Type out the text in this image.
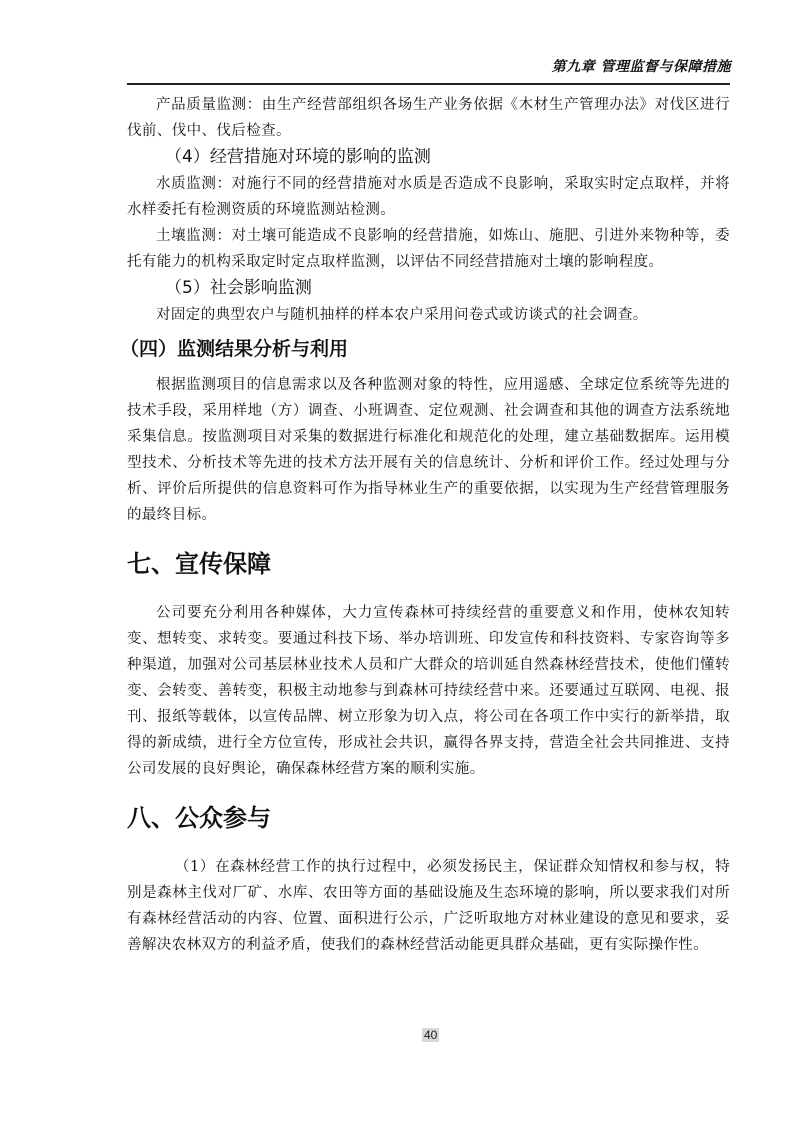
第九章 管理监督与保障措施

产品质量监测：由生产经营部组织各场生产业务依据《木材生产管理办法》对伐区进行伐前、伐中、伐后检查。

（4）经营措施对环境的影响的监测

水质监测：对施行不同的经营措施对水质是否造成不良影响，采取实时定点取样，并将水样委托有检测资质的环境监测站检测。

土壤监测：对土壤可能造成不良影响的经营措施，如炼山、施肥、引进外来物种等，委托有能力的机构采取定时定点取样监测，以评估不同经营措施对土壤的影响程度。

（5）社会影响监测

对固定的典型农户与随机抽样的样本农户采用问卷式或访谈式的社会调查。

（四）监测结果分析与利用

根据监测项目的信息需求以及各种监测对象的特性，应用遥感、全球定位系统等先进的技术手段，采用样地（方）调查、小班调查、定位观测、社会调查和其他的调查方法系统地采集信息。按监测项目对采集的数据进行标准化和规范化的处理，建立基础数据库。运用模型技术、分析技术等先进的技术方法开展有关的信息统计、分析和评价工作。经过处理与分析、评价后所提供的信息资料可作为指导林业生产的重要依据，以实现为生产经营管理服务的最终目标。

七、宣传保障

公司要充分利用各种媒体，大力宣传森林可持续经营的重要意义和作用，使林农知转变、想转变、求转变。要通过科技下场、举办培训班、印发宣传和科技资料、专家咨询等多种渠道，加强对公司基层林业技术人员和广大群众的培训延自然森林经营技术，使他们懂转变、会转变、善转变，积极主动地参与到森林可持续经营中来。还要通过互联网、电视、报刊、报纸等载体，以宣传品牌、树立形象为切入点，将公司在各项工作中实行的新举措，取得的新成绩，进行全方位宣传，形成社会共识，赢得各界支持，营造全社会共同推进、支持公司发展的良好舆论，确保森林经营方案的顺利实施。

八、公众参与

（1）在森林经营工作的执行过程中，必须发扬民主，保证群众知情权和参与权，特别是森林主伐对厂矿、水库、农田等方面的基础设施及生态环境的影响，所以要求我们对所有森林经营活动的内容、位置、面积进行公示，广泛听取地方对林业建设的意见和要求，妥善解决农林双方的利益矛盾，使我们的森林经营活动能更具群众基础，更有实际操作性。

40
